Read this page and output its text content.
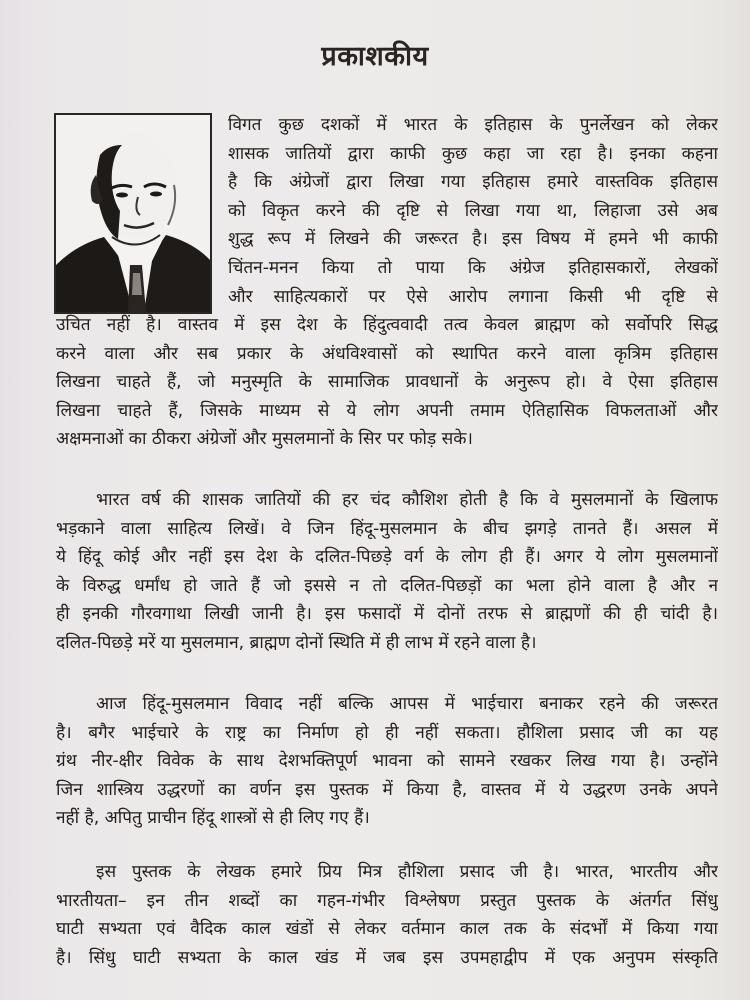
प्रकाशकीय
विगत कुछ दशकों में भारत के इतिहास के पुनर्लेखन को लेकर
शासक जातियों द्वारा काफी कुछ कहा जा रहा है। इनका कहना
है कि अंग्रेजों द्वारा लिखा गया इतिहास हमारे वास्तविक इतिहास
को विकृत करने की दृष्टि से लिखा गया था, लिहाजा उसे अब
शुद्ध रूप में लिखने की जरूरत है। इस विषय में हमने भी काफी
चिंतन-मनन किया तो पाया कि अंग्रेज इतिहासकारों, लेखकों
और साहित्यकारों पर ऐसे आरोप लगाना किसी भी दृष्टि से
उचित नहीं है। वास्तव में इस देश के हिंदुत्ववादी तत्व केवल ब्राह्मण को सर्वोपरि सिद्ध
करने वाला और सब प्रकार के अंधविश्वासों को स्थापित करने वाला कृत्रिम इतिहास
लिखना चाहते हैं, जो मनुस्मृति के सामाजिक प्रावधानों के अनुरूप हो। वे ऐसा इतिहास
लिखना चाहते हैं, जिसके माध्यम से ये लोग अपनी तमाम ऐतिहासिक विफलताओं और
अक्षमनाओं का ठीकरा अंग्रेजों और मुसलमानों के सिर पर फोड़ सके।
भारत वर्ष की शासक जातियों की हर चंद कौशिश होती है कि वे मुसलमानों के खिलाफ
भड़काने वाला साहित्य लिखें। वे जिन हिंदू-मुसलमान के बीच झगड़े तानते हैं। असल में
ये हिंदू कोई और नहीं इस देश के दलित-पिछड़े वर्ग के लोग ही हैं। अगर ये लोग मुसलमानों
के विरुद्ध धर्मांध हो जाते हैं जो इससे न तो दलित-पिछड़ों का भला होने वाला है और न
ही इनकी गौरवगाथा लिखी जानी है। इस फसादों में दोनों तरफ से ब्राह्मणों की ही चांदी है।
दलित-पिछड़े मरें या मुसलमान, ब्राह्मण दोनों स्थिति में ही लाभ में रहने वाला है।
आज हिंदू-मुसलमान विवाद नहीं बल्कि आपस में भाईचारा बनाकर रहने की जरूरत
है। बगैर भाईचारे के राष्ट्र का निर्माण हो ही नहीं सकता। हौशिला प्रसाद जी का यह
ग्रंथ नीर-क्षीर विवेक के साथ देशभक्तिपूर्ण भावना को सामने रखकर लिख गया है। उन्होंने
जिन शास्त्रिय उद्धरणों का वर्णन इस पुस्तक में किया है, वास्तव में ये उद्धरण उनके अपने
नहीं है, अपितु प्राचीन हिंदू शास्त्रों से ही लिए गए हैं।
इस पुस्तक के लेखक हमारे प्रिय मित्र हौशिला प्रसाद जी है। भारत, भारतीय और
भारतीयता– इन तीन शब्दों का गहन-गंभीर विश्लेषण प्रस्तुत पुस्तक के अंतर्गत सिंधु
घाटी सभ्यता एवं वैदिक काल खंडों से लेकर वर्तमान काल तक के संदर्भों में किया गया
है। सिंधु घाटी सभ्यता के काल खंड में जब इस उपमहाद्वीप में एक अनुपम संस्कृति
